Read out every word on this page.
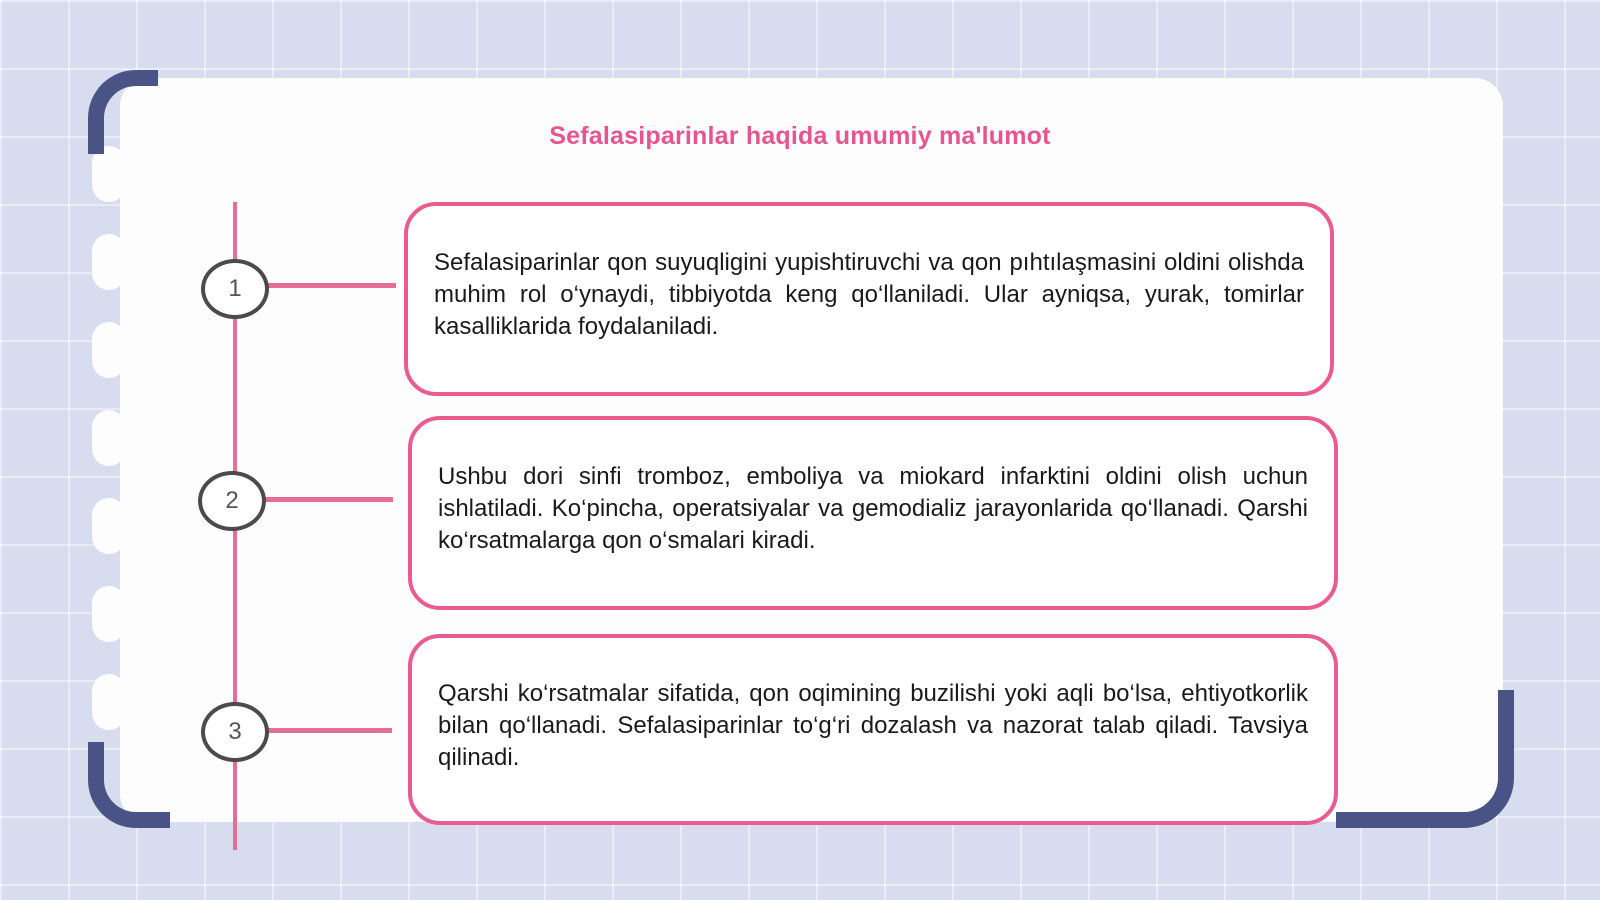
Sefalasiparinlar haqida umumiy ma'lumot
1

Sefalasiparinlar qon suyuqligini yupishtiruvchi va qon pıhtılaşmasini oldini olishda muhim rol o‘ynaydi, tibbiyotda keng qo‘llaniladi. Ular ayniqsa, yurak, tomirlar kasalliklarida foydalaniladi.

2

Ushbu dori sinfi tromboz, emboliya va miokard infarktini oldini olish uchun ishlatiladi. Ko‘pincha, operatsiyalar va gemodializ jarayonlarida qo‘llanadi. Qarshi ko‘rsatmalarga qon o‘smalari kiradi.

3

Qarshi ko‘rsatmalar sifatida, qon oqimining buzilishi yoki aqli bo‘lsa, ehtiyotkorlik bilan qo‘llanadi. Sefalasiparinlar to‘g‘ri dozalash va nazorat talab qiladi. Tavsiya qilinadi.
